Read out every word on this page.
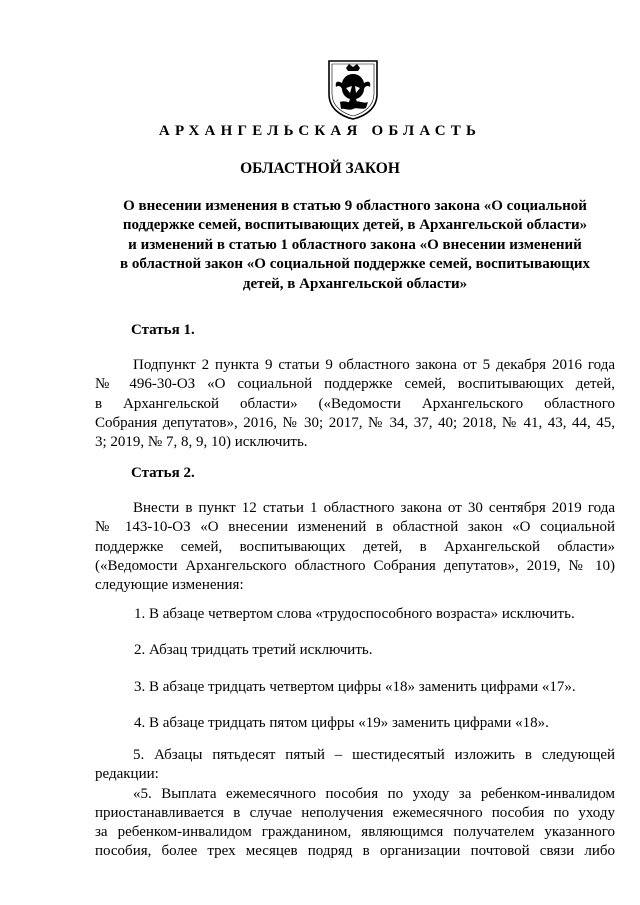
АРХАНГЕЛЬСКАЯ ОБЛАСТЬ
ОБЛАСТНОЙ ЗАКОН
О внесении изменения в статью 9 областного закона «О социальной
поддержке семей, воспитывающих детей, в Архангельской области»
и изменений в статью 1 областного закона «О внесении изменений
в областной закон «О социальной поддержке семей, воспитывающих
детей, в Архангельской области»
Статья 1.
Подпункт 2 пункта 9 статьи 9 областного закона от 5 декабря 2016 года
№ 496-30-ОЗ «О социальной поддержке семей, воспитывающих детей,
в Архангельской области» («Ведомости Архангельского областного
Собрания депутатов», 2016, № 30; 2017, № 34, 37, 40; 2018, № 41, 43, 44, 45,
3; 2019, № 7, 8, 9, 10) исключить.
Статья 2.
Внести в пункт 12 статьи 1 областного закона от 30 сентября 2019 года
№ 143-10-ОЗ «О внесении изменений в областной закон «О социальной
поддержке семей, воспитывающих детей, в Архангельской области»
(«Ведомости Архангельского областного Собрания депутатов», 2019, № 10)
следующие изменения:
1. В абзаце четвертом слова «трудоспособного возраста» исключить.
2. Абзац тридцать третий исключить.
3. В абзаце тридцать четвертом цифры «18» заменить цифрами «17».
4. В абзаце тридцать пятом цифры «19» заменить цифрами «18».
5. Абзацы пятьдесят пятый – шестидесятый изложить в следующей
редакции:
«5. Выплата ежемесячного пособия по уходу за ребенком-инвалидом
приостанавливается в случае неполучения ежемесячного пособия по уходу
за ребенком-инвалидом гражданином, являющимся получателем указанного
пособия, более трех месяцев подряд в организации почтовой связи либо
